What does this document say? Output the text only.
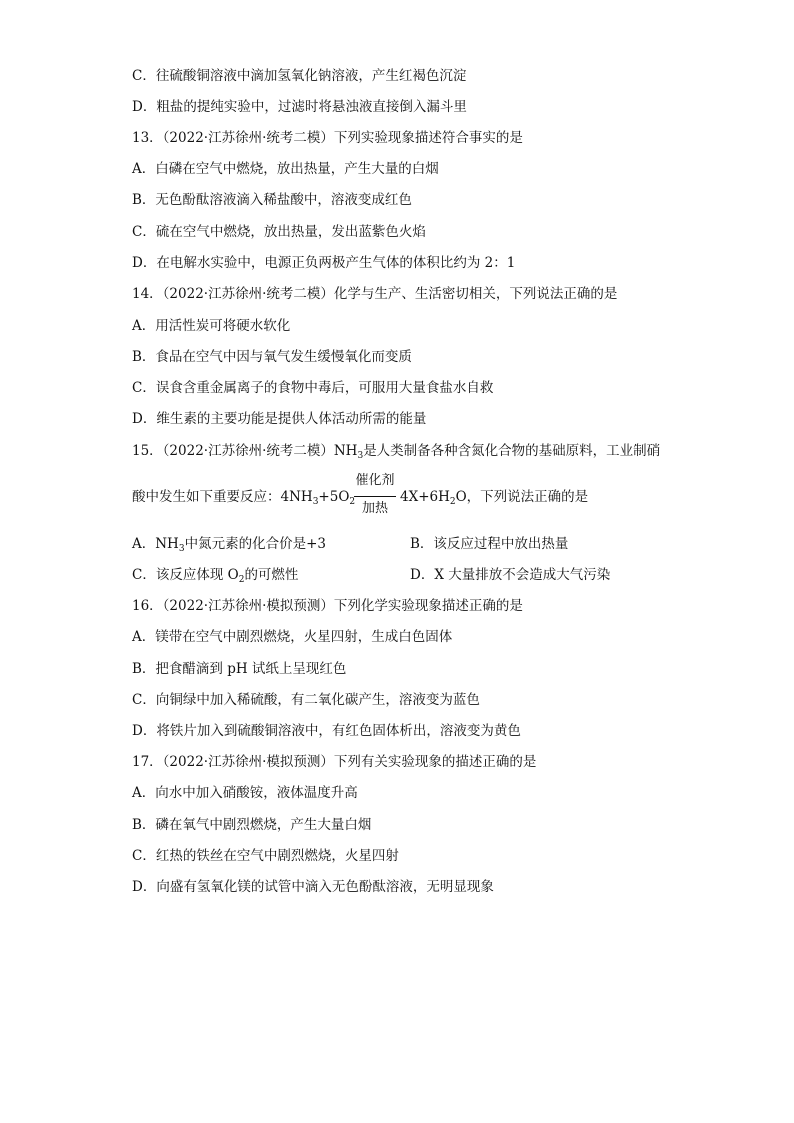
C．往硫酸铜溶液中滴加氢氧化钠溶液，产生红褐色沉淀
D．粗盐的提纯实验中，过滤时将悬浊液直接倒入漏斗里
13．（2022·江苏徐州·统考二模）下列实验现象描述符合事实的是
A．白磷在空气中燃烧，放出热量，产生大量的白烟
B．无色酚酞溶液滴入稀盐酸中，溶液变成红色
C．硫在空气中燃烧，放出热量，发出蓝紫色火焰
D．在电解水实验中，电源正负两极产生气体的体积比约为 2：1
14．（2022·江苏徐州·统考二模）化学与生产、生活密切相关，下列说法正确的是
A．用活性炭可将硬水软化
B．食品在空气中因与氧气发生缓慢氧化而变质
C．误食含重金属离子的食物中毒后，可服用大量食盐水自救
D．维生素的主要功能是提供人体活动所需的能量
15．（2022·江苏徐州·统考二模）$NH_3$是人类制备各种含氮化合物的基础原料，工业制硝
酸中发生如下重要反应：$4NH_3+5O_2$
催化剂
加热
$4X+6H_2O$，下列说法正确的是
A．$NH_3$中氮元素的化合价是+3	B．该反应过程中放出热量
C．该反应体现 $O_2$的可燃性	D．X 大量排放不会造成大气污染
16．（2022·江苏徐州·模拟预测）下列化学实验现象描述正确的是
A．镁带在空气中剧烈燃烧，火星四射，生成白色固体
B．把食醋滴到 pH 试纸上呈现红色
C．向铜绿中加入稀硫酸，有二氧化碳产生，溶液变为蓝色
D．将铁片加入到硫酸铜溶液中，有红色固体析出，溶液变为黄色
17．（2022·江苏徐州·模拟预测）下列有关实验现象的描述正确的是
A．向水中加入硝酸铵，液体温度升高
B．磷在氧气中剧烈燃烧，产生大量白烟
C．红热的铁丝在空气中剧烈燃烧，火星四射
D．向盛有氢氧化镁的试管中滴入无色酚酞溶液，无明显现象
